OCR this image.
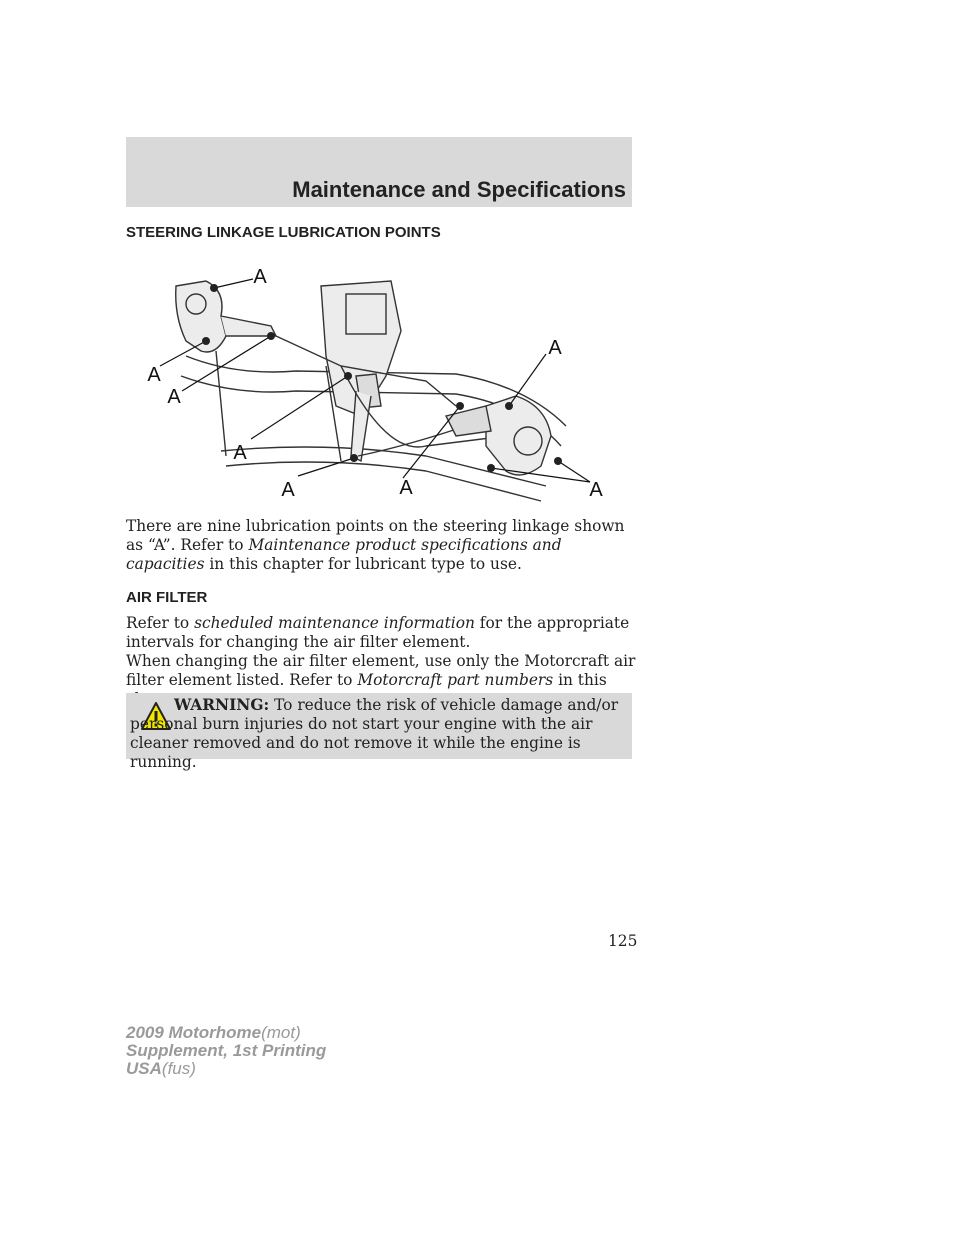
Maintenance and Specifications
STEERING LINKAGE LUBRICATION POINTS
A
A
A
A
A	A
A
A
There are nine lubrication points on the steering linkage shown as “A”. Refer to Maintenance product specifications and capacities in this chapter for lubricant type to use.
AIR FILTER
Refer to scheduled maintenance information for the appropriate intervals for changing the air filter element.
When changing the air filter element, use only the Motorcraft air filter element listed. Refer to Motorcraft part numbers in this
WARNING: To reduce the risk of vehicle damage and/or personal burn injuries do not start your engine with the air cleaner removed and do not remove it while the engine is running.
125
2009 Motorhome(mot)
Supplement, 1st Printing
USA(fus)
